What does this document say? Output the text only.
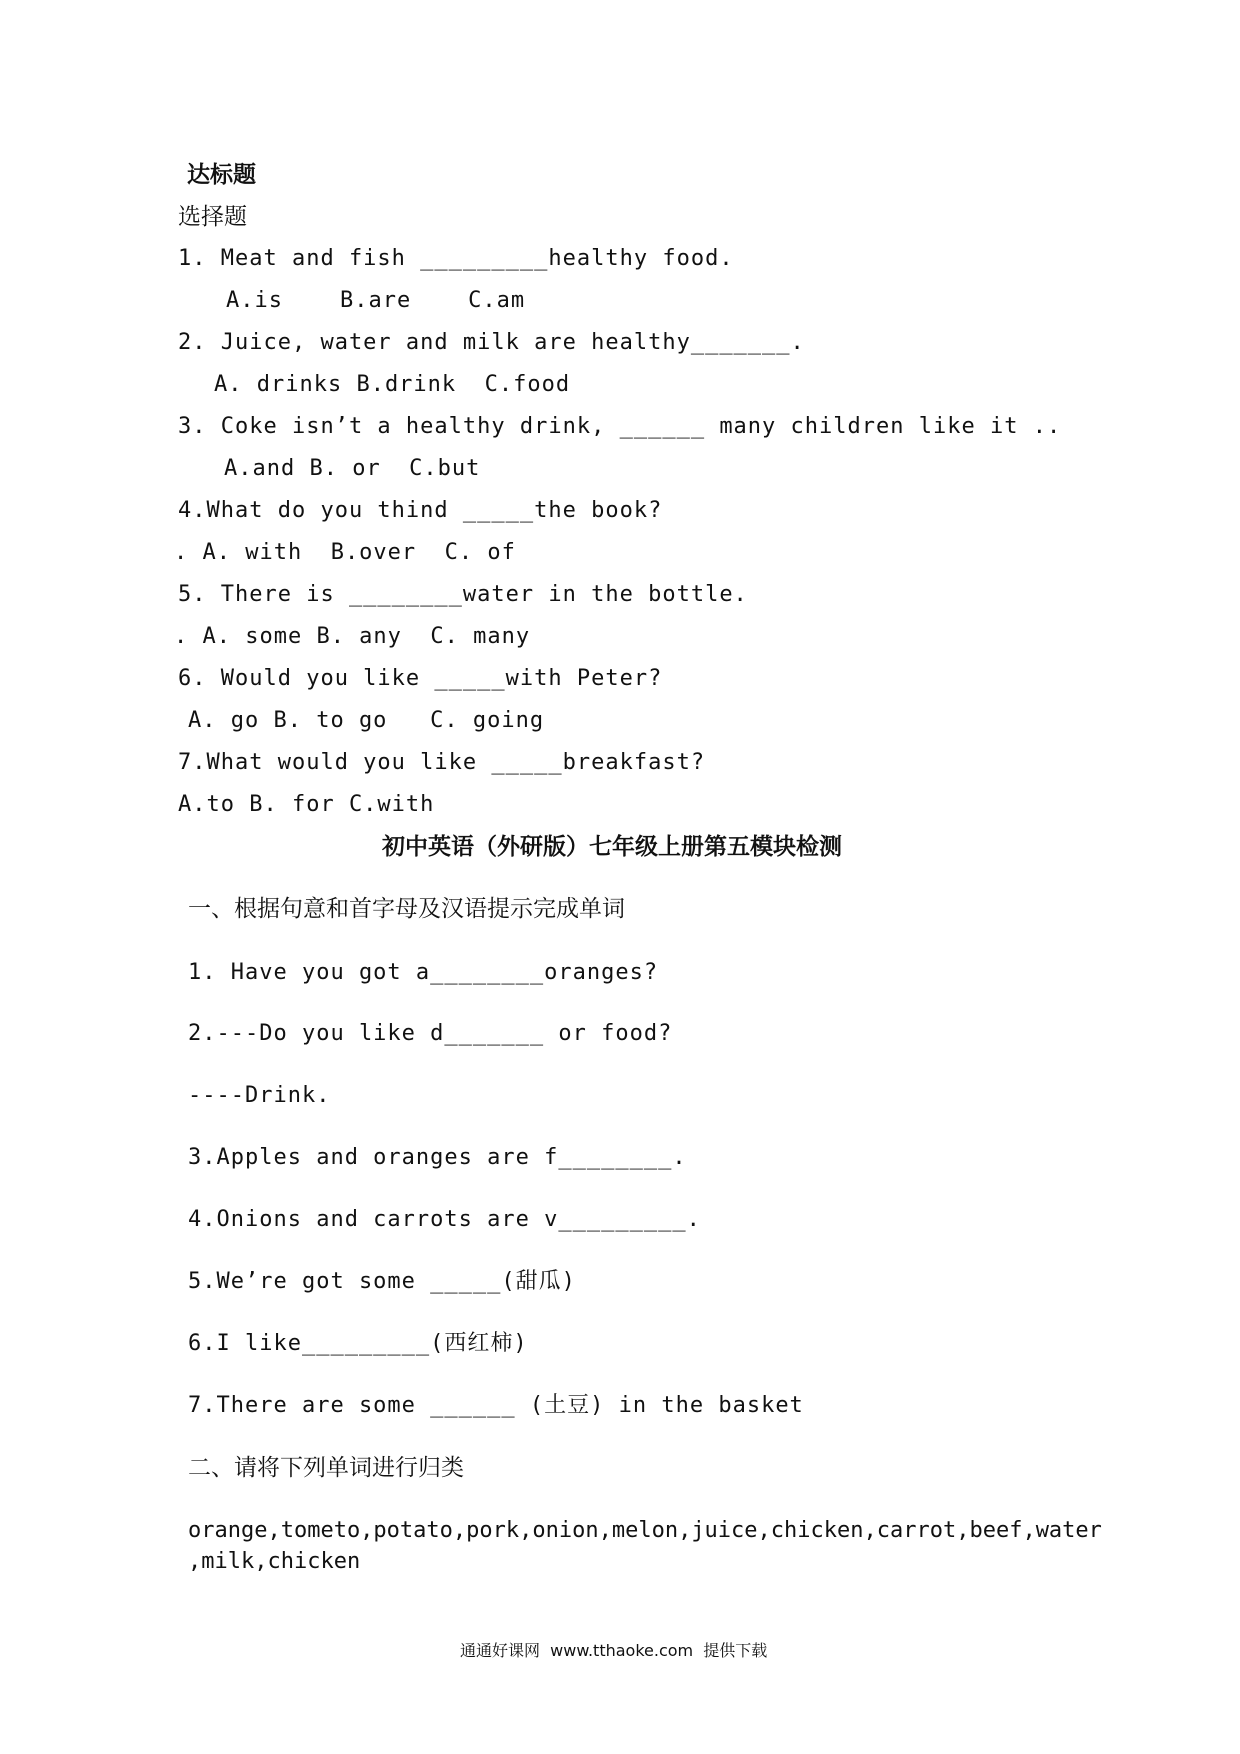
达标题
选择题
1. Meat and fish _________healthy food.
A.is    B.are    C.am
2. Juice, water and milk are healthy_______.
A. drinks B.drink  C.food
3. Coke isn’t a healthy drink, ______ many children like it ..
A.and B. or  C.but
4.What do you thind _____the book?
. A. with  B.over  C. of
5. There is ________water in the bottle.
. A. some B. any  C. many
6. Would you like _____with Peter?
A. go B. to go   C. going
7.What would you like _____breakfast?
A.to B. for C.with
初中英语（外研版）七年级上册第五模块检测
一、根据句意和首字母及汉语提示完成单词
1. Have you got a________oranges?
2.---Do you like d_______ or food?
----Drink.
3.Apples and oranges are f________.
4.Onions and carrots are v_________.
5.We’re got some _____(甜瓜)
6.I like_________(西红柿)
7.There are some ______ (土豆) in the basket
二、请将下列单词进行归类
orange,tometo,potato,pork,onion,melon,juice,chicken,carrot,beef,water
,milk,chicken
通通好课网  www.tthaoke.com  提供下载
